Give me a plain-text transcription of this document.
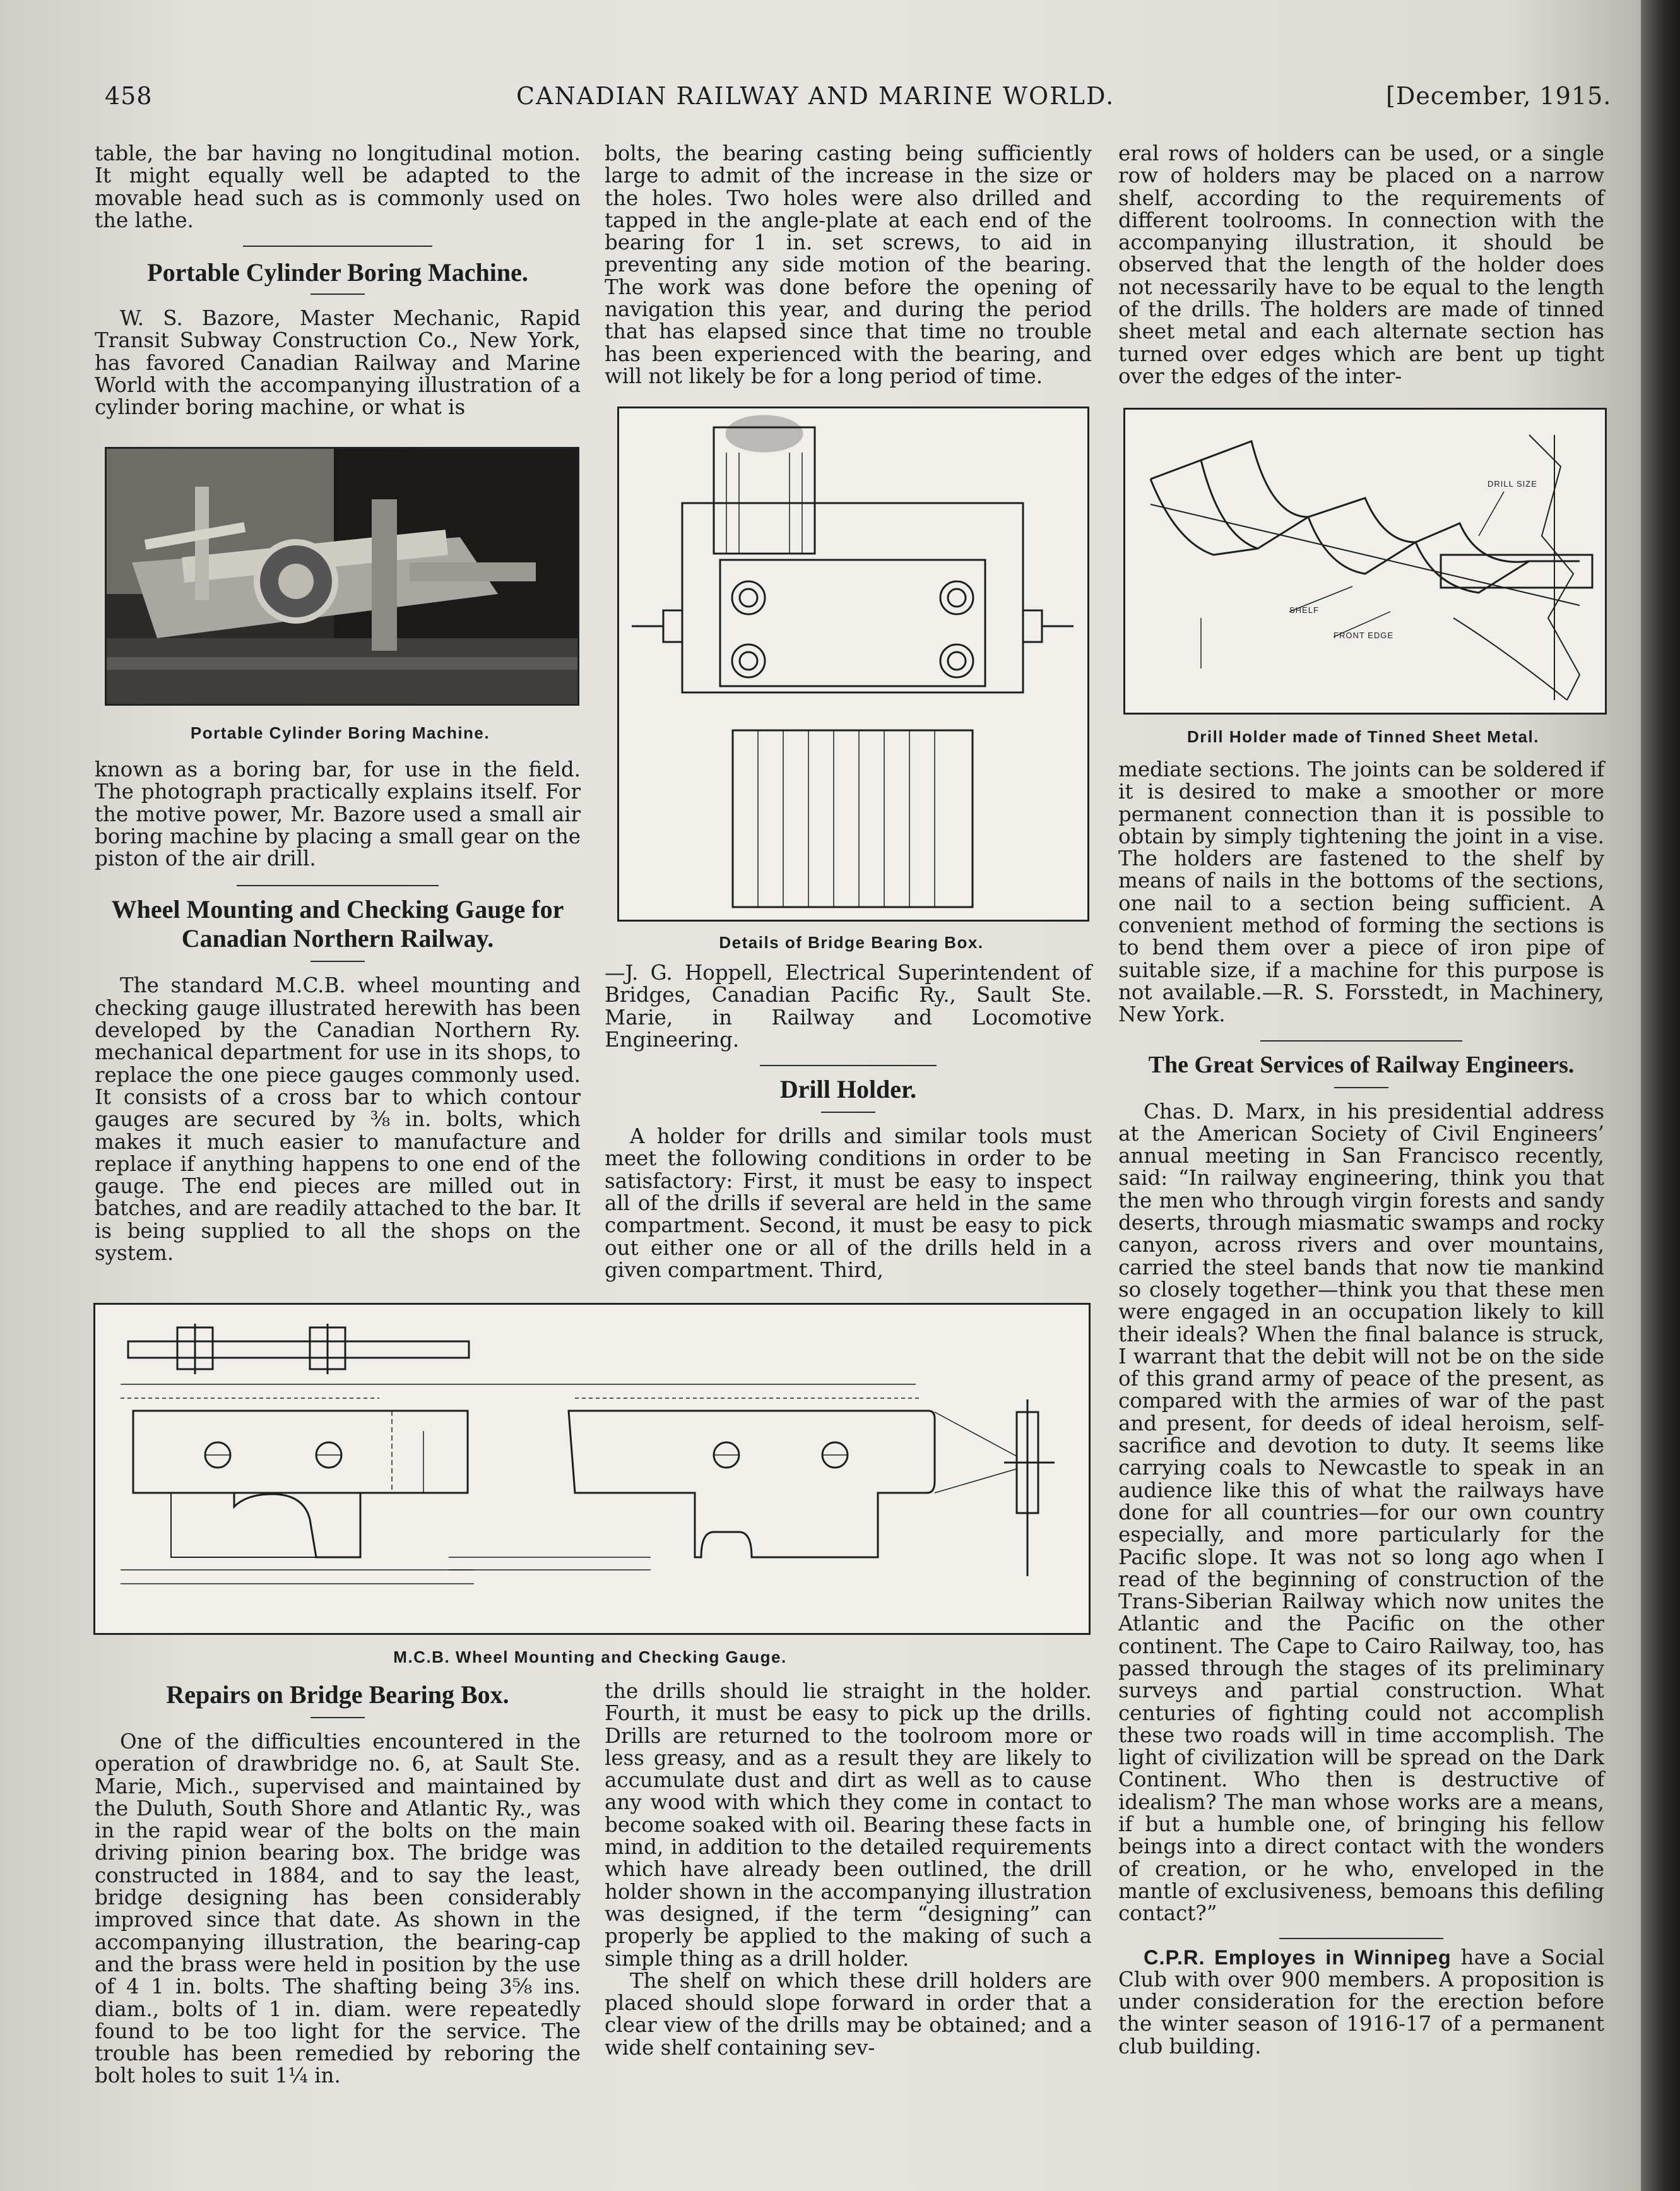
458	CANADIAN RAILWAY AND MARINE WORLD.	[December, 1915.

table, the bar having no longitudinal motion. It might equally well be adapted to the movable head such as is commonly used on the lathe.

Portable Cylinder Boring Machine.

W. S. Bazore, Master Mechanic, Rapid Transit Subway Construction Co., New York, has favored Canadian Railway and Marine World with the accompanying illustration of a cylinder boring machine, or what is

Portable Cylinder Boring Machine.

known as a boring bar, for use in the field. The photograph practically explains itself. For the motive power, Mr. Bazore used a small air boring machine by placing a small gear on the piston of the air drill.

Wheel Mounting and Checking Gauge for Canadian Northern Railway.

The standard M.C.B. wheel mounting and checking gauge illustrated herewith has been developed by the Canadian Northern Ry. mechanical department for use in its shops, to replace the one piece gauges commonly used. It consists of a cross bar to which contour gauges are secured by ⅜ in. bolts, which makes it much easier to manufacture and replace if anything happens to one end of the gauge. The end pieces are milled out in batches, and are readily attached to the bar. It is being supplied to all the shops on the system.

M.C.B. Wheel Mounting and Checking Gauge.
Repairs on Bridge Bearing Box.

One of the difficulties encountered in the operation of drawbridge no. 6, at Sault Ste. Marie, Mich., supervised and maintained by the Duluth, South Shore and Atlantic Ry., was in the rapid wear of the bolts on the main driving pinion bearing box. The bridge was constructed in 1884, and to say the least, bridge designing has been considerably improved since that date. As shown in the accompanying illustration, the bearing-cap and the brass were held in position by the use of 4 1 in. bolts. The shafting being 3⅝ ins. diam., bolts of 1 in. diam. were repeatedly found to be too light for the service. The trouble has been remedied by reboring the bolt holes to suit 1¼ in.

bolts, the bearing casting being sufficiently large to admit of the increase in the size or the holes. Two holes were also drilled and tapped in the angle-plate at each end of the bearing for 1 in. set screws, to aid in preventing any side motion of the bearing. The work was done before the opening of navigation this year, and during the period that has elapsed since that time no trouble has been experienced with the bearing, and will not likely be for a long period of time.

Details of Bridge Bearing Box.

—J. G. Hoppell, Electrical Superintendent of Bridges, Canadian Pacific Ry., Sault Ste. Marie, in Railway and Locomotive Engineering.

Drill Holder.

A holder for drills and similar tools must meet the following conditions in order to be satisfactory: First, it must be easy to inspect all of the drills if several are held in the same compartment. Second, it must be easy to pick out either one or all of the drills held in a given compartment. Third,

the drills should lie straight in the holder. Fourth, it must be easy to pick up the drills. Drills are returned to the toolroom more or less greasy, and as a result they are likely to accumulate dust and dirt as well as to cause any wood with which they come in contact to become soaked with oil. Bearing these facts in mind, in addition to the detailed requirements which have already been outlined, the drill holder shown in the accompanying illustration was designed, if the term “designing” can properly be applied to the making of such a simple thing as a drill holder.

The shelf on which these drill holders are placed should slope forward in order that a clear view of the drills may be obtained; and a wide shelf containing sev-

eral rows of holders can be used, or a single row of holders may be placed on a narrow shelf, according to the requirements of different toolrooms. In connection with the accompanying illustration, it should be observed that the length of the holder does not necessarily have to be equal to the length of the drills. The holders are made of tinned sheet metal and each alternate section has turned over edges which are bent up tight over the edges of the inter-

DRILL SIZE
SHELF
FRONT EDGE
Drill Holder made of Tinned Sheet Metal.

mediate sections. The joints can be soldered if it is desired to make a smoother or more permanent connection than it is possible to obtain by simply tightening the joint in a vise. The holders are fastened to the shelf by means of nails in the bottoms of the sections, one nail to a section being sufficient. A convenient method of forming the sections is to bend them over a piece of iron pipe of suitable size, if a machine for this purpose is not available.—R. S. Forsstedt, in Machinery, New York.

The Great Services of Railway Engineers.

Chas. D. Marx, in his presidential address at the American Society of Civil Engineers’ annual meeting in San Francisco recently, said: “In railway engineering, think you that the men who through virgin forests and sandy deserts, through miasmatic swamps and rocky canyon, across rivers and over mountains, carried the steel bands that now tie mankind so closely together—think you that these men were engaged in an occupation likely to kill their ideals? When the final balance is struck, I warrant that the debit will not be on the side of this grand army of peace of the present, as compared with the armies of war of the past and present, for deeds of ideal heroism, self-sacrifice and devotion to duty. It seems like carrying coals to Newcastle to speak in an audience like this of what the railways have done for all countries—for our own country especially, and more particularly for the Pacific slope. It was not so long ago when I read of the beginning of construction of the Trans-Siberian Railway which now unites the Atlantic and the Pacific on the other continent. The Cape to Cairo Railway, too, has passed through the stages of its preliminary surveys and partial construction. What centuries of fighting could not accomplish these two roads will in time accomplish. The light of civilization will be spread on the Dark Continent. Who then is destructive of idealism? The man whose works are a means, if but a humble one, of bringing his fellow beings into a direct contact with the wonders of creation, or he who, enveloped in the mantle of exclusiveness, bemoans this defiling contact?”

C.P.R. Employes in Winnipeg have a Social Club with over 900 members. A proposition is under consideration for the erection before the winter season of 1916-17 of a permanent club building.
